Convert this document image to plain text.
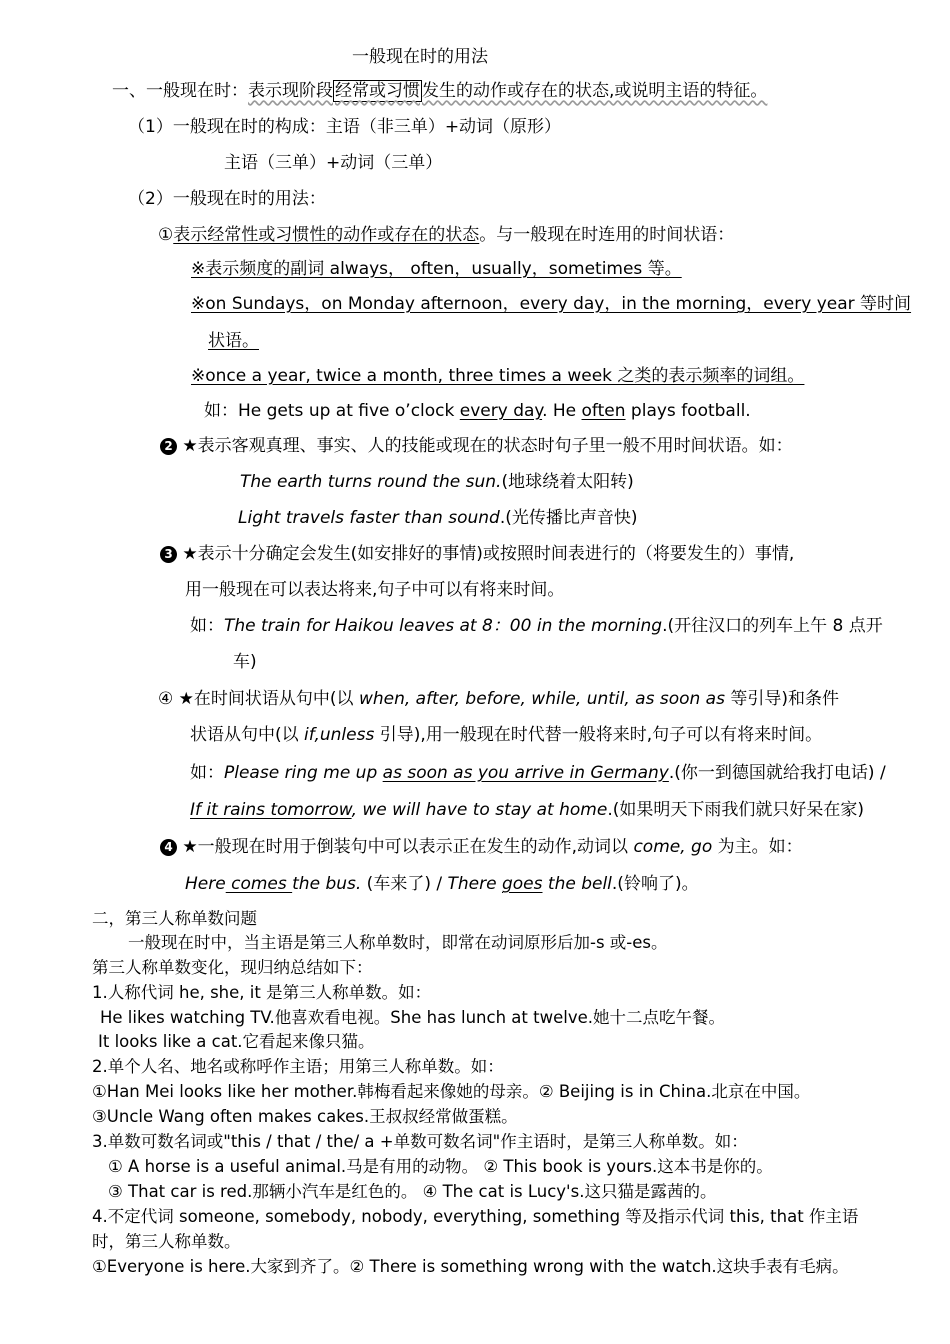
一般现在时的用法
一、一般现在时：表示现阶段 经常或习惯 发生的动作或存在的状态,或说明主语的特征。
（1）一般现在时的构成：主语（非三单）+动词（原形）
主语（三单）+动词（三单）
（2）一般现在时的用法：
①表示经常性或习惯性的动作或存在的状态。与一般现在时连用的时间状语：
※表示频度的副词 always， often，usually，sometimes 等。
※on Sundays，on Monday afternoon，every day，in the morning，every year 等时间
状语。
※once a year, twice a month, three times a week 之类的表示频率的词组。
如：He gets up at five o’clock every day. He often plays football.
2 ★表示客观真理、事实、人的技能或现在的状态时句子里一般不用时间状语。如：
The earth turns round the sun.(地球绕着太阳转)
Light travels faster than sound.(光传播比声音快)
3 ★表示十分确定会发生(如安排好的事情)或按照时间表进行的（将要发生的）事情,
用一般现在可以表达将来,句子中可以有将来时间。
如：The train for Haikou leaves at 8：00 in the morning.(开往汉口的列车上午 8 点开
车)
④ ★在时间状语从句中(以 when, after, before, while, until, as soon as 等引导)和条件
状语从句中(以 if,unless 引导),用一般现在时代替一般将来时,句子可以有将来时间。
如：Please ring me up as soon as you arrive in Germany.(你一到德国就给我打电话) /
If it rains tomorrow, we will have to stay at home.(如果明天下雨我们就只好呆在家)
4 ★一般现在时用于倒装句中可以表示正在发生的动作,动词以 come, go 为主。如：
Here comes the bus. (车来了) / There goes the bell.(铃响了)。
二，第三人称单数问题
一般现在时中，当主语是第三人称单数时，即常在动词原形后加-s 或-es。
第三人称单数变化，现归纳总结如下：
1.人称代词 he, she, it 是第三人称单数。如：
He likes watching TV.他喜欢看电视。She has lunch at twelve.她十二点吃午餐。
It looks like a cat.它看起来像只猫。
2.单个人名、地名或称呼作主语；用第三人称单数。如：
①Han Mei looks like her mother.韩梅看起来像她的母亲。② Beijing is in China.北京在中国。
③Uncle Wang often makes cakes.王叔叔经常做蛋糕。
3.单数可数名词或"this / that / the/ a +单数可数名词"作主语时，是第三人称单数。如：
① A horse is a useful animal.马是有用的动物。 ② This book is yours.这本书是你的。
③ That car is red.那辆小汽车是红色的。 ④ The cat is Lucy's.这只猫是露茜的。
4.不定代词 someone, somebody, nobody, everything, something 等及指示代词 this, that 作主语
时，第三人称单数。
①Everyone is here.大家到齐了。② There is something wrong with the watch.这块手表有毛病。
